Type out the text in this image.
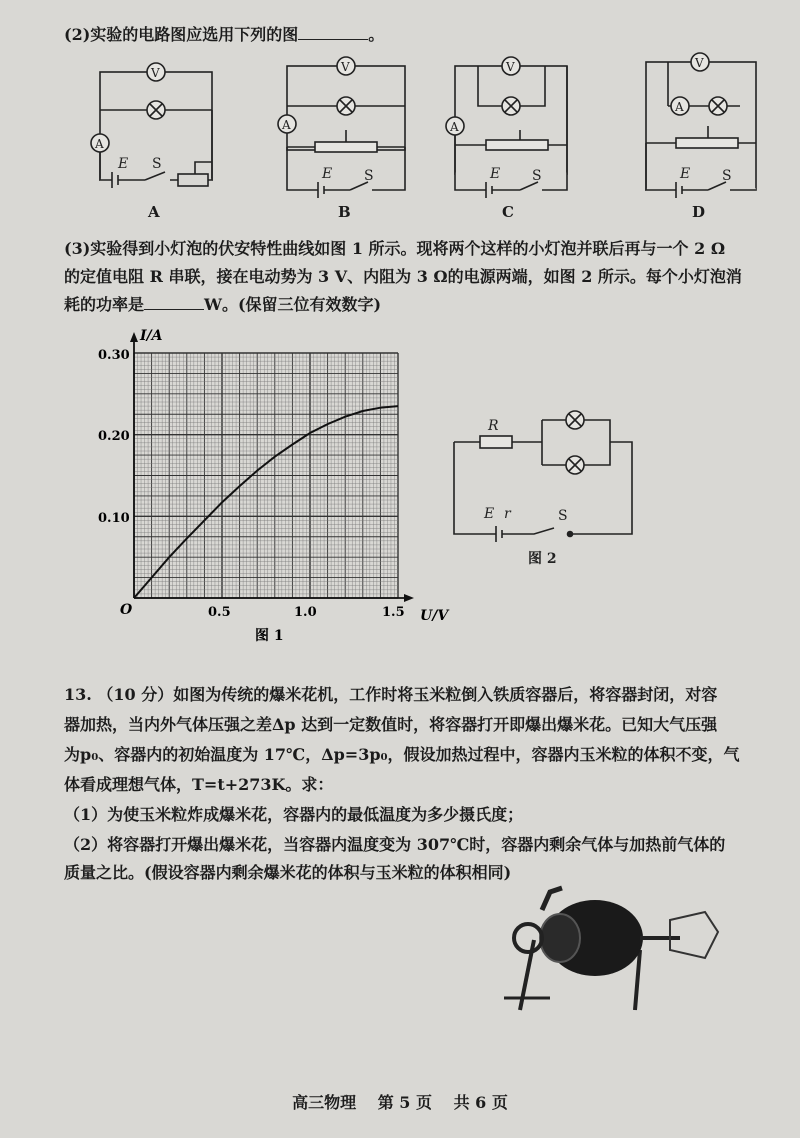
(2)实验的电路图应选用下列的图	。
V
A
E S
V
A
E S
V
A
E S
V
A
E S
A	B	C	D
(3)实验得到小灯泡的伏安特性曲线如图 1 所示。现将两个这样的小灯泡并联后再与一个 2 Ω
的定值电阻 R 串联，接在电动势为 3 V、内阻为 3 Ω的电源两端，如图 2 所示。每个小灯泡消
耗的功率是	W。(保留三位有效数字)
I/A
U/V
O
0.30
0.20
0.10
0.5	1.0	1.5
图 1
R
E r	S
图 2
13. （10 分）如图为传统的爆米花机，工作时将玉米粒倒入铁质容器后，将容器封闭，对容
器加热，当内外气体压强之差Δp 达到一定数值时，将容器打开即爆出爆米花。已知大气压强
为p₀、容器内的初始温度为 17℃，Δp=3p₀，假设加热过程中，容器内玉米粒的体积不变，气
体看成理想气体，T=t+273K。求：
（1）为使玉米粒炸成爆米花，容器内的最低温度为多少摄氏度；
（2）将容器打开爆出爆米花，当容器内温度变为 307℃时，容器内剩余气体与加热前气体的
质量之比。(假设容器内剩余爆米花的体积与玉米粒的体积相同)
高三物理 第 5 页 共 6 页
